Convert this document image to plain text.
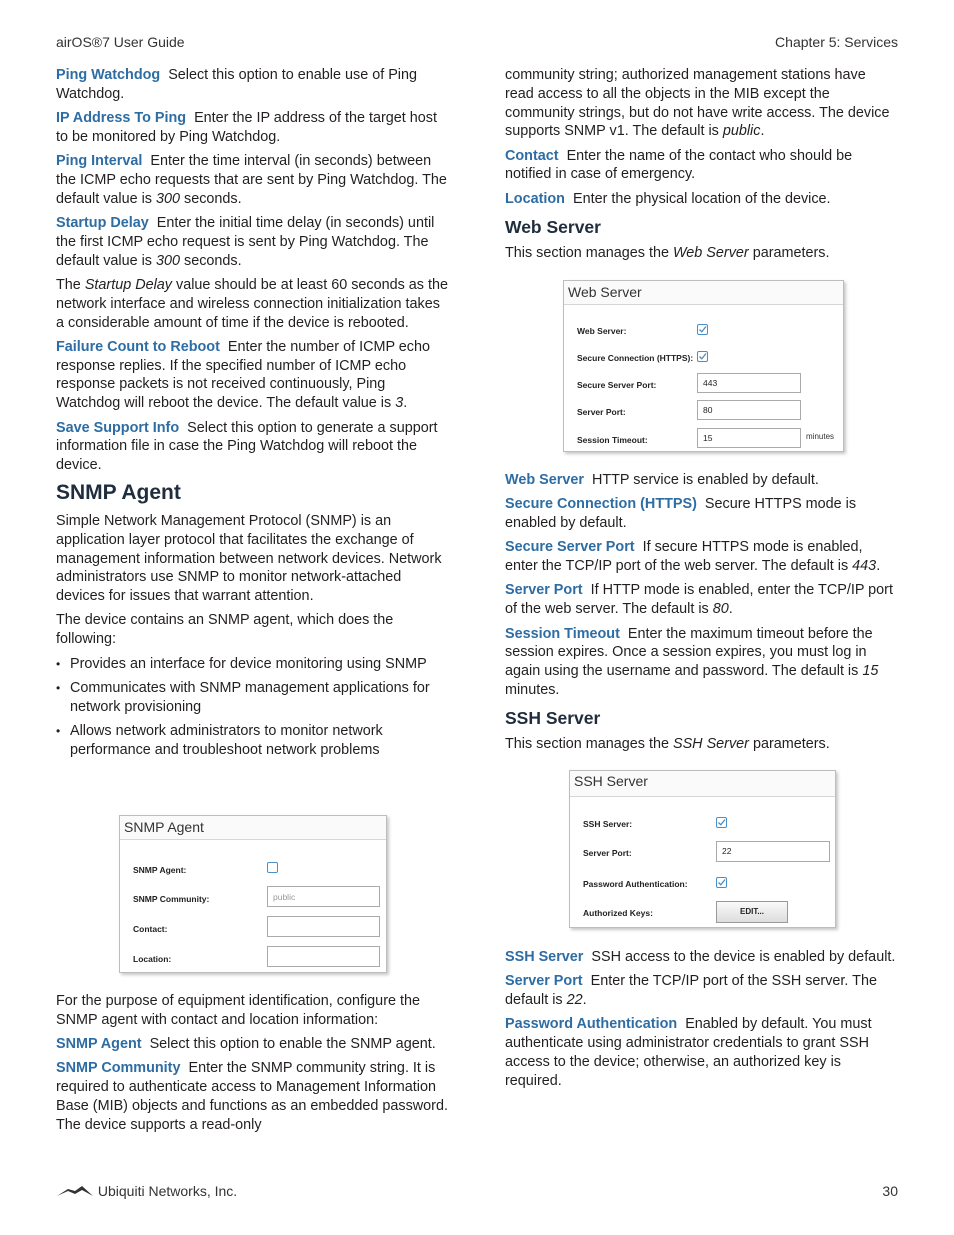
airOS®7 User Guide	Chapter 5: Services

Ping Watchdog Select this option to enable use of Ping Watchdog.

IP Address To Ping Enter the IP address of the target host to be monitored by Ping Watchdog.

Ping Interval Enter the time interval (in seconds) between the ICMP echo requests that are sent by Ping Watchdog. The default value is 300 seconds.

Startup Delay Enter the initial time delay (in seconds) until the first ICMP echo request is sent by Ping Watchdog. The default value is 300 seconds.

The Startup Delay value should be at least 60 seconds as the network interface and wireless connection initialization takes a considerable amount of time if the device is rebooted.

Failure Count to Reboot Enter the number of ICMP echo response replies. If the specified number of ICMP echo response packets is not received continuously, Ping Watchdog will reboot the device. The default value is 3.

Save Support Info Select this option to generate a support information file in case the Ping Watchdog will reboot the device.

SNMP Agent

Simple Network Management Protocol (SNMP) is an application layer protocol that facilitates the exchange of management information between network devices. Network administrators use SNMP to monitor network-attached devices for issues that warrant attention.

The device contains an SNMP agent, which does the following:

• Provides an interface for device monitoring using SNMP
• Communicates with SNMP management applications for network provisioning
• Allows network administrators to monitor network performance and troubleshoot network problems
SNMP Agent
SNMP Agent:
SNMP Community:	public
Contact:
Location:

For the purpose of equipment identification, configure the SNMP agent with contact and location information:

SNMP Agent Select this option to enable the SNMP agent.

SNMP Community Enter the SNMP community string. It is required to authenticate access to Management Information Base (MIB) objects and functions as an embedded password. The device supports a read-only

community string; authorized management stations have read access to all the objects in the MIB except the community strings, but do not have write access. The device supports SNMP v1. The default is public.

Contact Enter the name of the contact who should be notified in case of emergency.

Location Enter the physical location of the device.

Web Server

This section manages the Web Server parameters.

Web Server
Web Server:
Secure Connection (HTTPS):
Secure Server Port:	443
Server Port:	80
Session Timeout:	15	minutes

Web Server HTTP service is enabled by default.

Secure Connection (HTTPS) Secure HTTPS mode is enabled by default.

Secure Server Port If secure HTTPS mode is enabled, enter the TCP/IP port of the web server. The default is 443.

Server Port If HTTP mode is enabled, enter the TCP/IP port of the web server. The default is 80.

Session Timeout Enter the maximum timeout before the session expires. Once a session expires, you must log in again using the username and password. The default is 15 minutes.

SSH Server

This section manages the SSH Server parameters.

SSH Server
SSH Server:
Server Port:	22
Password Authentication:
Authorized Keys:	EDIT...

SSH Server SSH access to the device is enabled by default.

Server Port Enter the TCP/IP port of the SSH server. The default is 22.

Password Authentication Enabled by default. You must authenticate using administrator credentials to grant SSH access to the device; otherwise, an authorized key is required.

Ubiquiti Networks, Inc.	30
